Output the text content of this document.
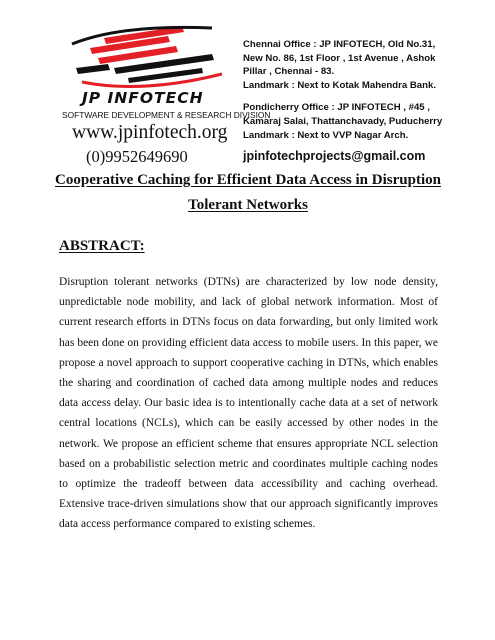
JP INFOTECH

SOFTWARE DEVELOPMENT & RESEARCH DIVISION

www.jpinfotech.org

(0)9952649690

Chennai Office : JP INFOTECH, Old No.31,

New No. 86, 1st Floor , 1st Avenue , Ashok

Pillar , Chennai - 83.

Landmark : Next to Kotak Mahendra Bank.

Pondicherry Office : JP INFOTECH , #45 ,

Kamaraj Salai, Thattanchavady, Puducherry

Landmark : Next to VVP Nagar Arch.

jpinfotechprojects@gmail.com

Cooperative Caching for Efficient Data Access in Disruption Tolerant Networks
ABSTRACT:

Disruption tolerant networks (DTNs) are characterized by low node density, unpredictable node mobility, and lack of global network information. Most of current research efforts in DTNs focus on data forwarding, but only limited work has been done on providing efficient data access to mobile users. In this paper, we propose a novel approach to support cooperative caching in DTNs, which enables the sharing and coordination of cached data among multiple nodes and reduces data access delay. Our basic idea is to intentionally cache data at a set of network central locations (NCLs), which can be easily accessed by other nodes in the network. We propose an efficient scheme that ensures appropriate NCL selection based on a probabilistic selection metric and coordinates multiple caching nodes to optimize the tradeoff between data accessibility and caching overhead. Extensive trace-driven simulations show that our approach significantly improves data access performance compared to existing schemes.
